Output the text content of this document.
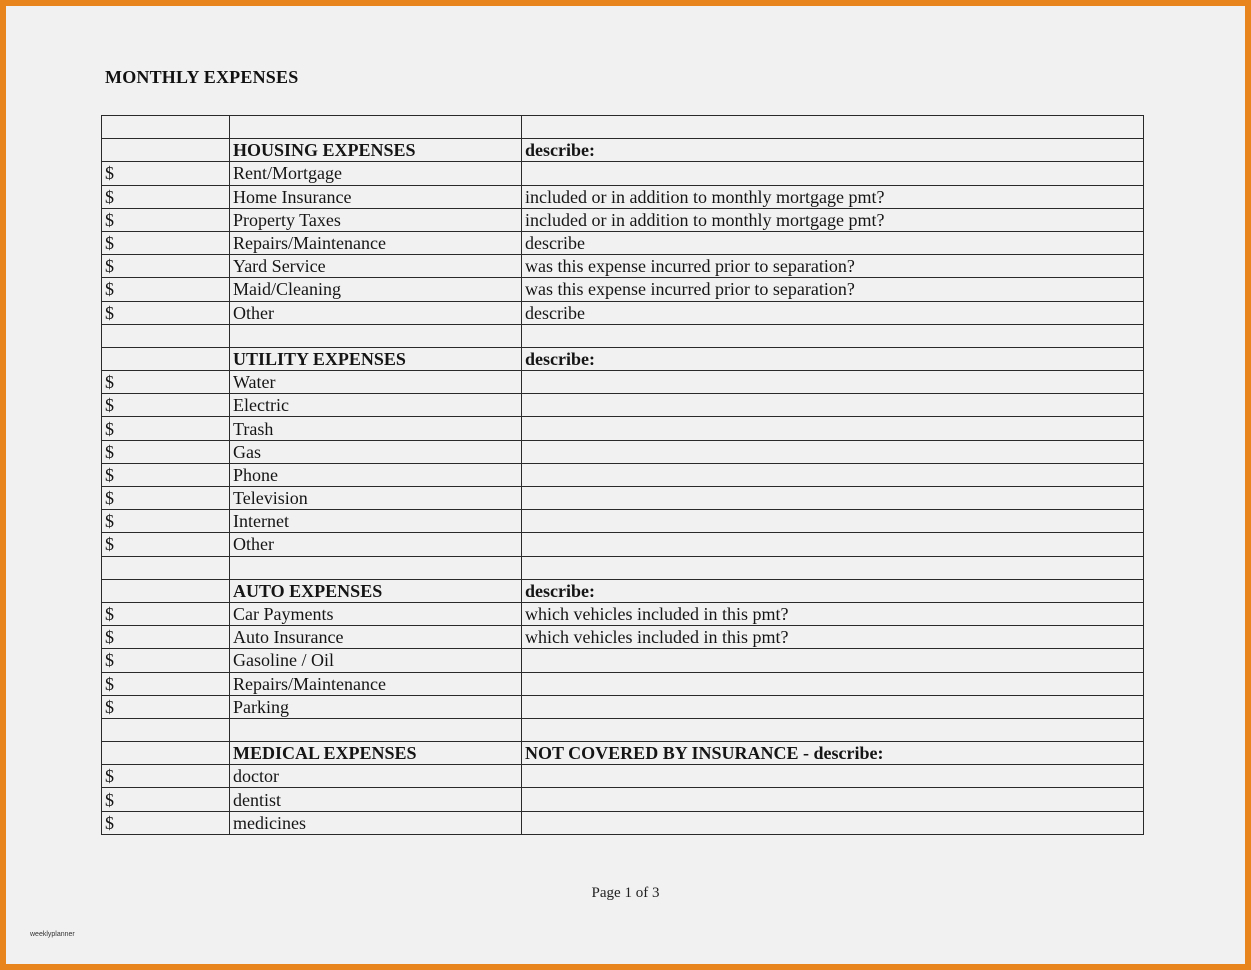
MONTHLY EXPENSES

	HOUSING EXPENSES	describe:
$	Rent/Mortgage	
$	Home Insurance	included or in addition to monthly mortgage pmt?
$	Property Taxes	included or in addition to monthly mortgage pmt?
$	Repairs/Maintenance	describe
$	Yard Service	was this expense incurred prior to separation?
$	Maid/Cleaning	was this expense incurred prior to separation?
$	Other	describe

	UTILITY EXPENSES	describe:
$	Water	
$	Electric	
$	Trash	
$	Gas	
$	Phone	
$	Television	
$	Internet	
$	Other	

	AUTO EXPENSES	describe:
$	Car Payments	which vehicles included in this pmt?
$	Auto Insurance	which vehicles included in this pmt?
$	Gasoline / Oil	
$	Repairs/Maintenance	
$	Parking	

	MEDICAL EXPENSES	NOT COVERED BY INSURANCE - describe:
$	doctor	
$	dentist	
$	medicines	
Page 1 of 3
weeklyplanner
